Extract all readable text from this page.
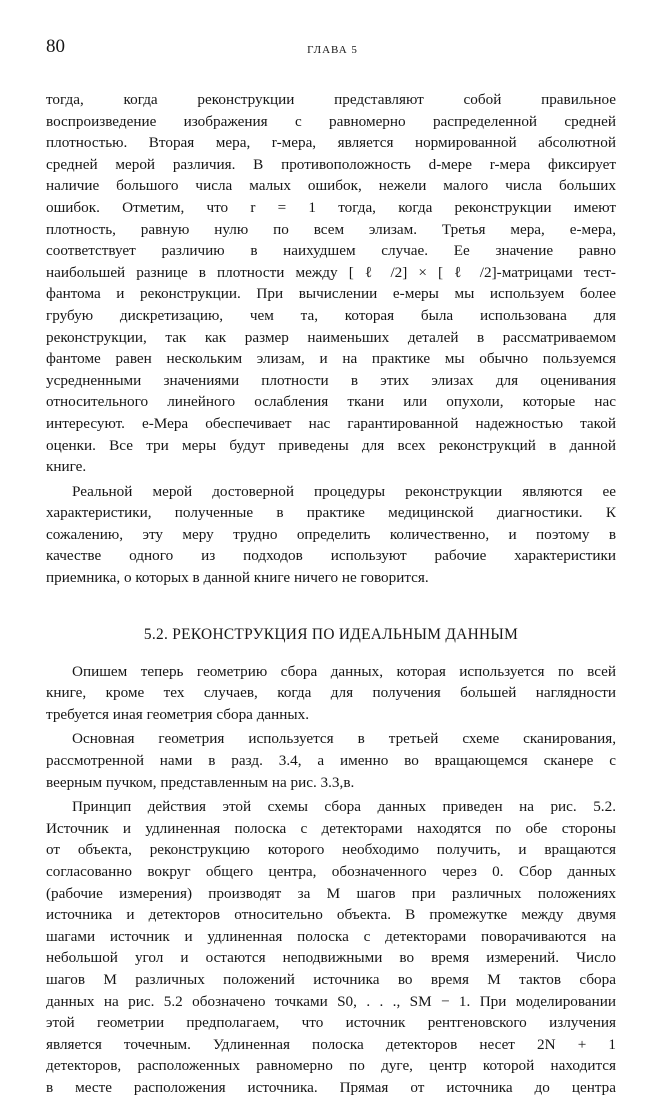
80	ГЛАВА 5

тогда, когда реконструкции представляют собой правильное
воспроизведение изображения с равномерно распределенной средней
плотностью. Вторая мера, r-мера, является нормированной абсолютной
средней мерой различия. В противоположность d-мере r-мера фиксирует
наличие большого числа малых ошибок, нежели малого числа больших
ошибок. Отметим, что r = 1 тогда, когда реконструкции имеют
плотность, равную нулю по всем элизам. Третья мера, e-мера,
соответствует различию в наихудшем случае. Ее значение равно
наибольшей разнице в плотности между [ ℓ /2] × [ ℓ /2]-матрицами тест-
фантома и реконструкции. При вычислении e-меры мы используем более
грубую дискретизацию, чем та, которая была использована для
реконструкции, так как размер наименьших деталей в рассматриваемом
фантоме равен нескольким элизам, и на практике мы обычно пользуемся
усредненными значениями плотности в этих элизах для оценивания
относительного линейного ослабления ткани или опухоли, которые нас
интересуют. e-Мера обеспечивает нас гарантированной надежностью такой
оценки. Все три меры будут приведены для всех реконструкций в данной
книге.

Реальной мерой достоверной процедуры реконструкции являются ее
характеристики, полученные в практике медицинской диагностики. К
сожалению, эту меру трудно определить количественно, и поэтому в
качестве одного из подходов используют рабочие характеристики
приемника, о которых в данной книге ничего не говорится.

5.2. РЕКОНСТРУКЦИЯ ПО ИДЕАЛЬНЫМ ДАННЫМ

Опишем теперь геометрию сбора данных, которая используется по всей
книге, кроме тех случаев, когда для получения большей наглядности
требуется иная геометрия сбора данных.

Основная геометрия используется в третьей схеме сканирования,
рассмотренной нами в разд. 3.4, а именно во вращающемся сканере с
веерным пучком, представленным на рис. 3.3,в.

Принцип действия этой схемы сбора данных приведен на рис. 5.2.
Источник и удлиненная полоска с детекторами находятся по обе стороны
от объекта, реконструкцию которого необходимо получить, и вращаются
согласованно вокруг общего центра, обозначенного через 0. Сбор данных
(рабочие измерения) производят за M шагов при различных положениях
источника и детекторов относительно объекта. В промежутке между двумя
шагами источник и удлиненная полоска с детекторами поворачиваются на
небольшой угол и остаются неподвижными во время измерений. Число
шагов M различных положений источника во время M тактов сбора
данных на рис. 5.2 обозначено точками S0, . . ., SM − 1. При моделировании
этой геометрии предполагаем, что источник рентгеновского излучения
является точечным. Удлиненная полоска детекторов несет 2N + 1
детекторов, расположенных равномерно по дуге, центр которой находится
в месте расположения источника. Прямая от источника до центра
